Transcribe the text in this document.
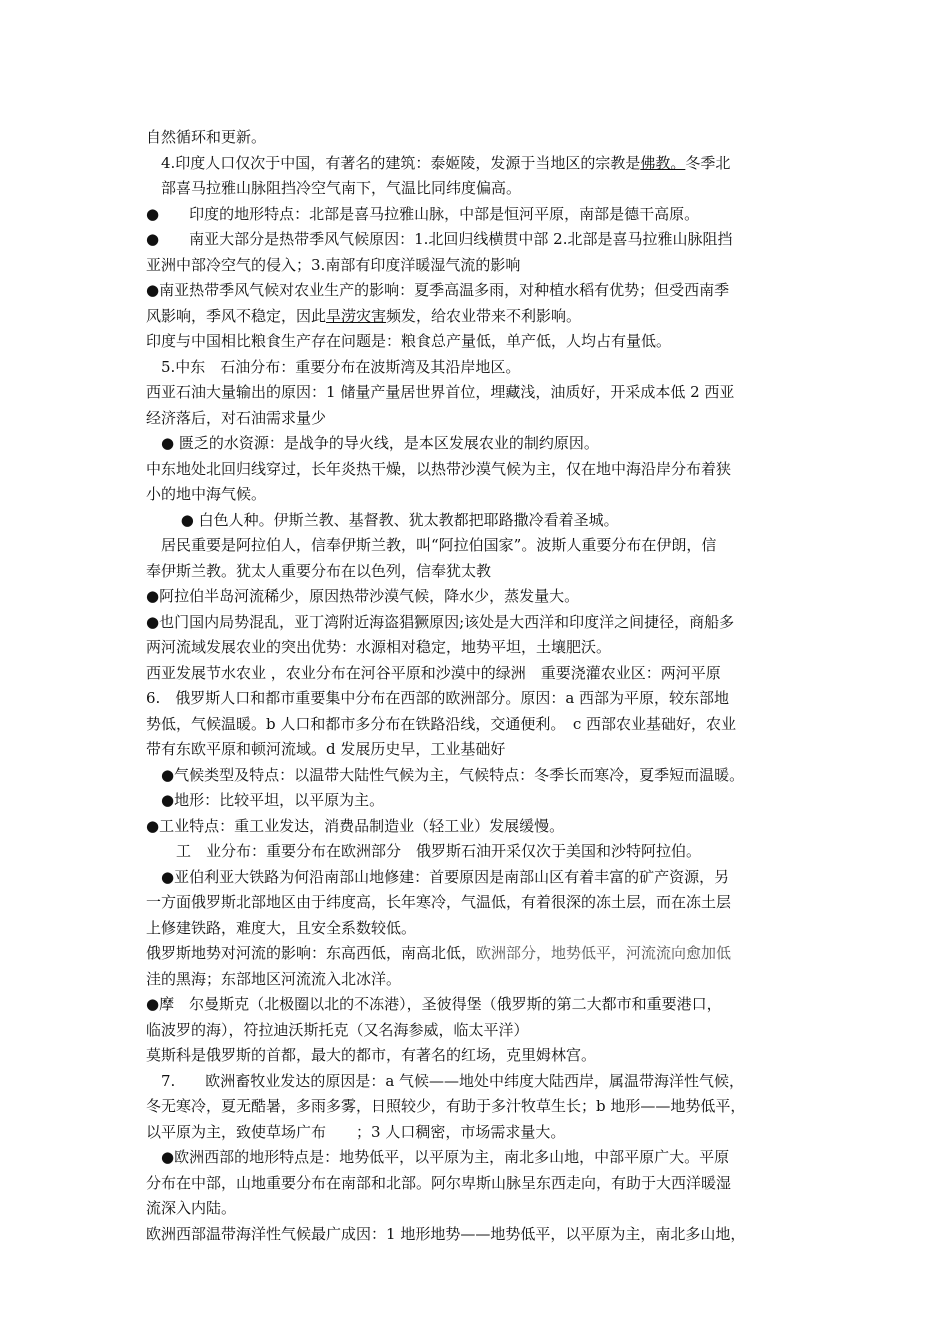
自然循环和更新。
　4.印度人口仅次于中国，有著名的建筑：泰姬陵，发源于当地区的宗教是佛教。冬季北
　部喜马拉雅山脉阻挡冷空气南下，气温比同纬度偏高。
●　　印度的地形特点：北部是喜马拉雅山脉，中部是恒河平原，南部是德干高原。
●　　南亚大部分是热带季风气候原因：1.北回归线横贯中部 2.北部是喜马拉雅山脉阻挡
亚洲中部冷空气的侵入；3.南部有印度洋暖湿气流的影响
●南亚热带季风气候对农业生产的影响：夏季高温多雨，对种植水稻有优势；但受西南季
风影响，季风不稳定，因此旱涝灾害频发，给农业带来不利影响。
印度与中国相比粮食生产存在问题是：粮食总产量低，单产低，人均占有量低。
　5.中东　石油分布：重要分布在波斯湾及其沿岸地区。
西亚石油大量输出的原因：1 储量产量居世界首位，埋藏浅，油质好，开采成本低 2 西亚
经济落后，对石油需求量少
　● 匮乏的水资源：是战争的导火线，是本区发展农业的制约原因。
中东地处北回归线穿过，长年炎热干燥，以热带沙漠气候为主，仅在地中海沿岸分布着狭
小的地中海气候。
　　 ● 白色人种。伊斯兰教、基督教、犹太教都把耶路撒冷看着圣城。
　居民重要是阿拉伯人，信奉伊斯兰教，叫“阿拉伯国家”。波斯人重要分布在伊朗，信
奉伊斯兰教。犹太人重要分布在以色列，信奉犹太教
●阿拉伯半岛河流稀少，原因热带沙漠气候，降水少，蒸发量大。
●也门国内局势混乱，亚丁湾附近海盗猖獗原因;该处是大西洋和印度洋之间捷径，商船多
两河流域发展农业的突出优势：水源相对稳定，地势平坦，土壤肥沃。
西亚发展节水农业 ，农业分布在河谷平原和沙漠中的绿洲　重要浇灌农业区：两河平原
6.　俄罗斯人口和都市重要集中分布在西部的欧洲部分。原因：a 西部为平原，较东部地
势低，气候温暖。b 人口和都市多分布在铁路沿线，交通便利。　c 西部农业基础好，农业
带有东欧平原和顿河流域。d 发展历史早，工业基础好
　●气候类型及特点：以温带大陆性气候为主，气候特点：冬季长而寒冷，夏季短而温暖。
　●地形：比较平坦，以平原为主。
●工业特点：重工业发达，消费品制造业（轻工业）发展缓慢。
　　工　业分布：重要分布在欧洲部分　俄罗斯石油开采仅次于美国和沙特阿拉伯。
　●亚伯利亚大铁路为何沿南部山地修建：首要原因是南部山区有着丰富的矿产资源，另
一方面俄罗斯北部地区由于纬度高，长年寒冷，气温低，有着很深的冻土层，而在冻土层
上修建铁路，难度大，且安全系数较低。
俄罗斯地势对河流的影响：东高西低，南高北低，欧洲部分，地势低平，河流流向愈加低
洼的黑海；东部地区河流流入北冰洋。
●摩　尔曼斯克（北极圈以北的不冻港），圣彼得堡（俄罗斯的第二大都市和重要港口，
临波罗的海），符拉迪沃斯托克（又名海参威，临太平洋）
莫斯科是俄罗斯的首都，最大的都市，有著名的红场，克里姆林宫。
　7.　　欧洲畜牧业发达的原因是：a 气候——地处中纬度大陆西岸，属温带海洋性气候，
冬无寒冷，夏无酷暑，多雨多雾，日照较少，有助于多汁牧草生长；b 地形——地势低平，
以平原为主，致使草场广布　　；3 人口稠密，市场需求量大。
　●欧洲西部的地形特点是：地势低平，以平原为主，南北多山地，中部平原广大。平原
分布在中部，山地重要分布在南部和北部。阿尔卑斯山脉呈东西走向，有助于大西洋暖湿
流深入内陆。
欧洲西部温带海洋性气候最广成因：1 地形地势——地势低平，以平原为主，南北多山地，
